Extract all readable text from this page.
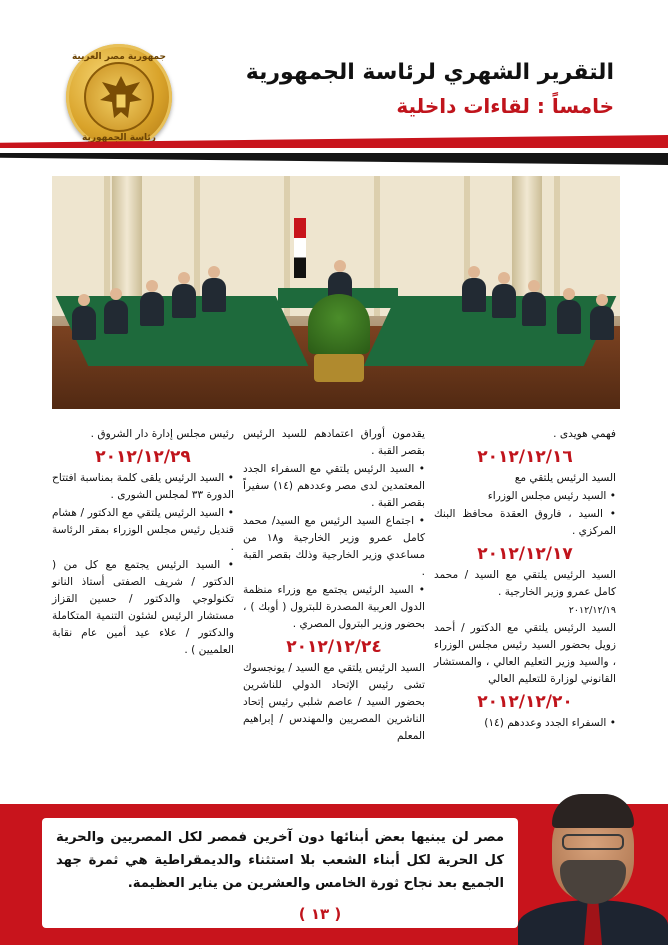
جمهورية مصر العربية
رئاسة الجمهورية
التقرير الشهري لرئاسة الجمهورية
خامساً : لقاءات داخلية

فهمي هويدى .

٢٠١٢/١٢/١٦

السيد الرئيس يلتقي مع

• السيد رئيس مجلس الوزراء

• السيد ، فاروق العقدة محافظ البنك المركزي .

٢٠١٢/١٢/١٧

السيد الرئيس يلتقي مع السيد / محمد كامل عمرو وزير الخارجية .

٢٠١٢/١٢/١٩

السيد الرئيس يلتقي مع الدكتور / أحمد زويل بحضور السيد رئيس مجلس الوزراء ، والسيد وزير التعليم العالي ، والمستشار القانوني لوزارة للتعليم العالي

٢٠١٢/١٢/٢٠

• السفراء الجدد وعددهم (١٤)

يقدمون أوراق اعتمادهم للسيد الرئيس بقصر القبة .

• السيد الرئيس يلتقي مع السفراء الجدد المعتمدين لدى مصر وعددهم (١٤) سفيراً بقصر القبة .

• اجتماع السيد الرئيس مع السيد/ محمد كامل عمرو وزير الخارجية و١٨ من مساعدي وزير الخارجية وذلك بقصر القبة .

• السيد الرئيس يجتمع مع وزراء منظمة الدول العربية المصدرة للبترول ( أوبك ) ، بحضور وزير البترول المصري .

٢٠١٢/١٢/٢٤

السيد الرئيس يلتقي مع السيد / يونجسوك تشى رئيس الإتحاد الدولي للناشرين بحضور السيد / عاصم شلبي رئيس إتحاد الناشرين المصريين والمهندس / إبراهيم المعلم

رئيس مجلس إدارة دار الشروق .

٢٠١٢/١٢/٢٩

• السيد الرئيس يلقى كلمة بمناسبة افتتاح الدورة ٣٣ لمجلس الشورى .

• السيد الرئيس يلتقي مع الدكتور / هشام قنديل رئيس مجلس الوزراء بمقر الرئاسة .

• السيد الرئيس يجتمع مع كل من ( الدكتور / شريف الصفتى أستاذ النانو تكنولوجي والدكتور / حسين القزاز مستشار الرئيس لشئون التنمية المتكاملة والدكتور / علاء عيد أمين عام نقابة العلميين ) .

مصر لن يبنيها بعض أبنائها دون آخرين فمصر لكل المصريين والحرية كل الحرية لكل أبناء الشعب بلا استثناء والديمقراطية هي ثمرة جهد الجميع بعد نجاح ثورة الخامس والعشرين من يناير العظيمة.
( ١٣ )
